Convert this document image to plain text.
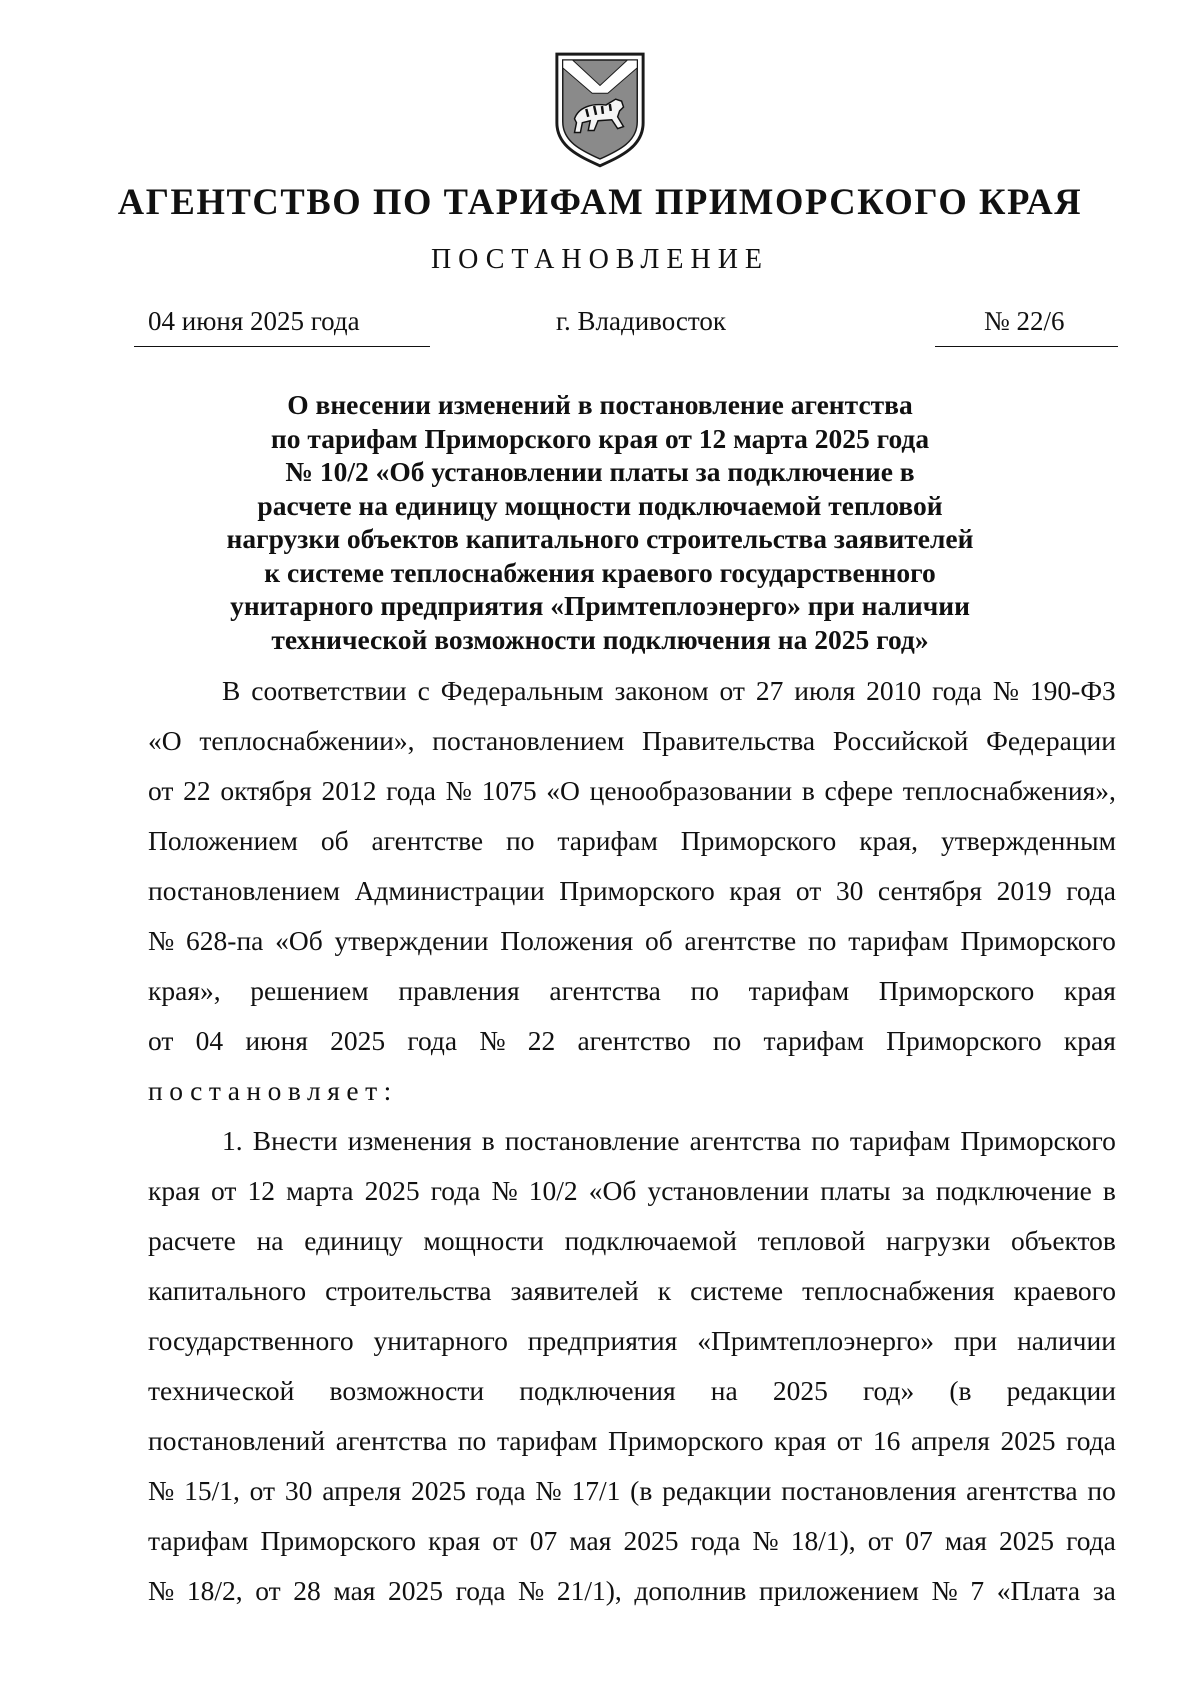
АГЕНТСТВО ПО ТАРИФАМ ПРИМОРСКОГО КРАЯ
ПОСТАНОВЛЕНИЕ
04 июня 2025 года	г. Владивосток	№ 22/6
О внесении изменений в постановление агентства
по тарифам Приморского края от 12 марта 2025 года
№ 10/2 «Об установлении платы за подключение в
расчете на единицу мощности подключаемой тепловой
нагрузки объектов капитального строительства заявителей
к системе теплоснабжения краевого государственного
унитарного предприятия «Примтеплоэнерго» при наличии
технической возможности подключения на 2025 год»
В соответствии с Федеральным законом от 27 июля 2010 года № 190-ФЗ
«О теплоснабжении», постановлением Правительства Российской Федерации
от 22 октября 2012 года № 1075 «О ценообразовании в сфере теплоснабжения»,
Положением об агентстве по тарифам Приморского края, утвержденным
постановлением Администрации Приморского края от 30 сентября 2019 года
№ 628-па «Об утверждении Положения об агентстве по тарифам Приморского
края», решением правления агентства по тарифам Приморского края
от 04 июня 2025 года № 22 агентство по тарифам Приморского края
постановляет:
1. Внести изменения в постановление агентства по тарифам Приморского
края от 12 марта 2025 года № 10/2 «Об установлении платы за подключение в
расчете на единицу мощности подключаемой тепловой нагрузки объектов
капитального строительства заявителей к системе теплоснабжения краевого
государственного унитарного предприятия «Примтеплоэнерго» при наличии
технической возможности подключения на 2025 год» (в редакции
постановлений агентства по тарифам Приморского края от 16 апреля 2025 года
№ 15/1, от 30 апреля 2025 года № 17/1 (в редакции постановления агентства по
тарифам Приморского края от 07 мая 2025 года № 18/1), от 07 мая 2025 года
№ 18/2, от 28 мая 2025 года № 21/1), дополнив приложением № 7 «Плата за
